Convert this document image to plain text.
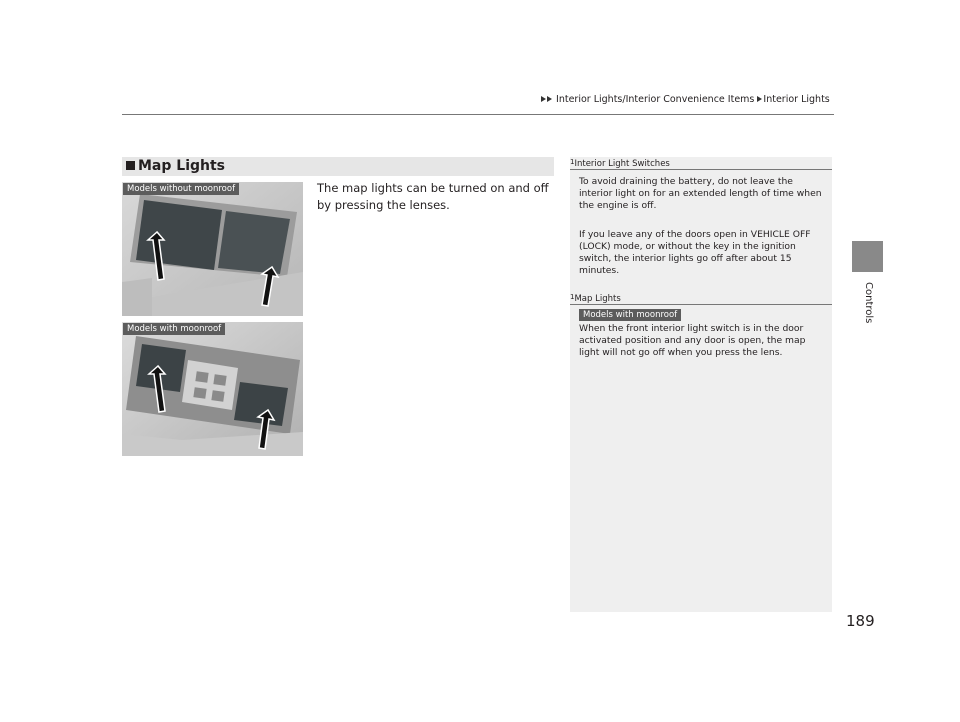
Interior Lights/Interior Convenience Items Interior Lights
Controls
Map Lights
The map lights can be turned on and off by pressing the lenses.
Models without moonroof
Models with moonroof
$^1$Interior Light Switches
To avoid draining the battery, do not leave the interior light on for an extended length of time when the engine is off.
If you leave any of the doors open in VEHICLE OFF (LOCK) mode, or without the key in the ignition switch, the interior lights go off after about 15 minutes.
$^1$Map Lights
Models with moonroof
When the front interior light switch is in the door activated position and any door is open, the map light will not go off when you press the lens.
189
